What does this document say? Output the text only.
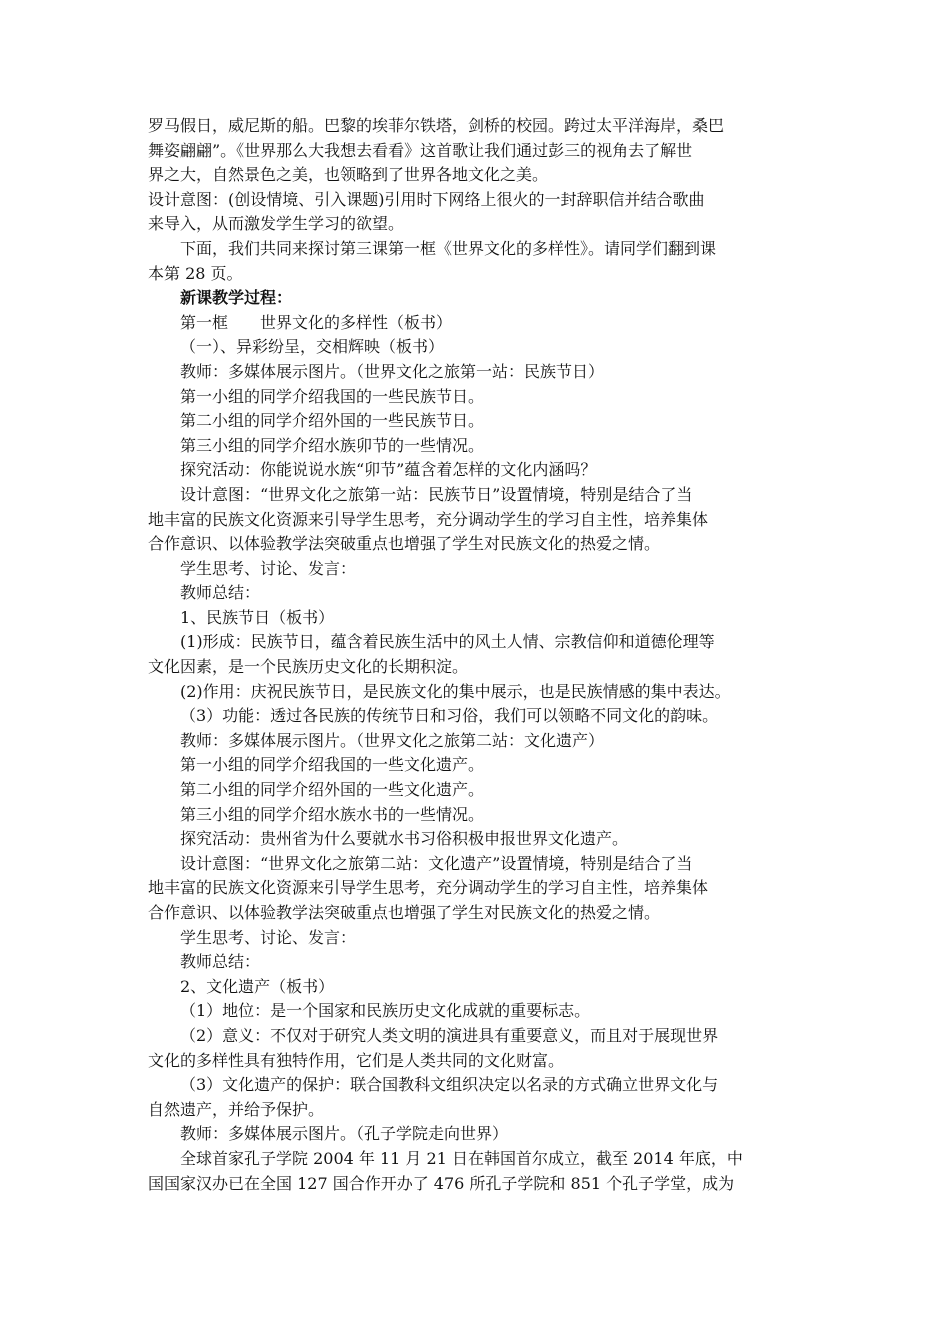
罗马假日，威尼斯的船。巴黎的埃菲尔铁塔，剑桥的校园。跨过太平洋海岸，桑巴
舞姿翩翩”。《世界那么大我想去看看》这首歌让我们通过彭三的视角去了解世
界之大，自然景色之美，也领略到了世界各地文化之美。
设计意图：(创设情境、引入课题)引用时下网络上很火的一封辞职信并结合歌曲
来导入，从而激发学生学习的欲望。
下面，我们共同来探讨第三课第一框《世界文化的多样性》。请同学们翻到课
本第 28 页。
新课教学过程：
第一框　　世界文化的多样性（板书）
（一）、异彩纷呈，交相辉映（板书）
教师：多媒体展示图片。（世界文化之旅第一站：民族节日）
第一小组的同学介绍我国的一些民族节日。
第二小组的同学介绍外国的一些民族节日。
第三小组的同学介绍水族卯节的一些情况。
探究活动：你能说说水族“卯节”蕴含着怎样的文化内涵吗？
设计意图：“世界文化之旅第一站：民族节日”设置情境，特别是结合了当
地丰富的民族文化资源来引导学生思考，充分调动学生的学习自主性，培养集体
合作意识、以体验教学法突破重点也增强了学生对民族文化的热爱之情。
学生思考、讨论、发言：
教师总结：
1、民族节日（板书）
(1)形成：民族节日，蕴含着民族生活中的风土人情、宗教信仰和道德伦理等
文化因素，是一个民族历史文化的长期积淀。
(2)作用：庆祝民族节日，是民族文化的集中展示，也是民族情感的集中表达。
（3）功能：透过各民族的传统节日和习俗，我们可以领略不同文化的韵味。
教师：多媒体展示图片。（世界文化之旅第二站：文化遗产）
第一小组的同学介绍我国的一些文化遗产。
第二小组的同学介绍外国的一些文化遗产。
第三小组的同学介绍水族水书的一些情况。
探究活动：贵州省为什么要就水书习俗积极申报世界文化遗产。
设计意图：“世界文化之旅第二站：文化遗产”设置情境，特别是结合了当
地丰富的民族文化资源来引导学生思考，充分调动学生的学习自主性，培养集体
合作意识、以体验教学法突破重点也增强了学生对民族文化的热爱之情。
学生思考、讨论、发言：
教师总结：
2、文化遗产（板书）
（1）地位：是一个国家和民族历史文化成就的重要标志。
（2）意义：不仅对于研究人类文明的演进具有重要意义，而且对于展现世界
文化的多样性具有独特作用，它们是人类共同的文化财富。
（3）文化遗产的保护：联合国教科文组织决定以名录的方式确立世界文化与
自然遗产，并给予保护。
教师：多媒体展示图片。（孔子学院走向世界）
全球首家孔子学院 2004 年 11 月 21 日在韩国首尔成立，截至 2014 年底，中
国国家汉办已在全国 127 国合作开办了 476 所孔子学院和 851 个孔子学堂，成为
